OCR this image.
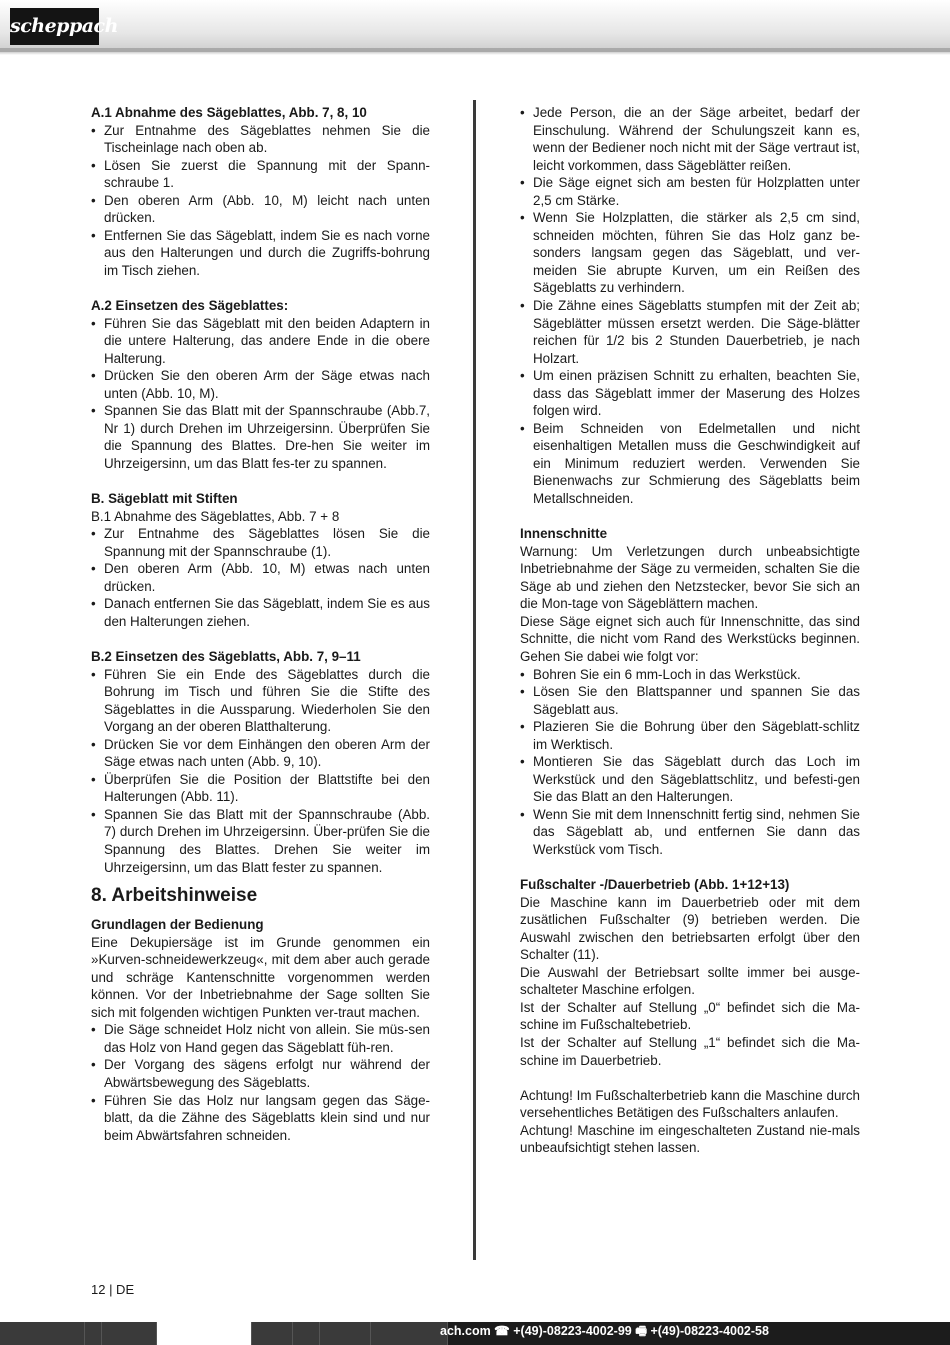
scheppach
A.1 Abnahme des Sägeblattes, Abb. 7, 8, 10
• Zur Entnahme des Sägeblattes nehmen Sie die Tischeinlage nach oben ab.
• Lösen Sie zuerst die Spannung mit der Spann-schraube 1.
• Den oberen Arm (Abb. 10, M) leicht nach unten drücken.
• Entfernen Sie das Sägeblatt, indem Sie es nach vorne aus den Halterungen und durch die Zugriffs-bohrung im Tisch ziehen.
A.2 Einsetzen des Sägeblattes:
• Führen Sie das Sägeblatt mit den beiden Adaptern in die untere Halterung, das andere Ende in die obere Halterung.
• Drücken Sie den oberen Arm der Säge etwas nach unten (Abb. 10, M).
• Spannen Sie das Blatt mit der Spannschraube (Abb.7, Nr 1) durch Drehen im Uhrzeigersinn. Überprüfen Sie die Spannung des Blattes. Dre-hen Sie weiter im Uhrzeigersinn, um das Blatt fes-ter zu spannen.
B. Sägeblatt mit Stiften
B.1 Abnahme des Sägeblattes, Abb. 7 + 8
• Zur Entnahme des Sägeblattes lösen Sie die Spannung mit der Spannschraube (1).
• Den oberen Arm (Abb. 10, M) etwas nach unten drücken.
• Danach entfernen Sie das Sägeblatt, indem Sie es aus den Halterungen ziehen.
B.2 Einsetzen des Sägeblatts, Abb. 7, 9–11
• Führen Sie ein Ende des Sägeblattes durch die Bohrung im Tisch und führen Sie die Stifte des Sägeblattes in die Aussparung. Wiederholen Sie den Vorgang an der oberen Blatthalterung.
• Drücken Sie vor dem Einhängen den oberen Arm der Säge etwas nach unten (Abb. 9, 10).
• Überprüfen Sie die Position der Blattstifte bei den Halterungen (Abb. 11).
• Spannen Sie das Blatt mit der Spannschraube (Abb. 7) durch Drehen im Uhrzeigersinn. Über-prüfen Sie die Spannung des Blattes. Drehen Sie weiter im Uhrzeigersinn, um das Blatt fester zu spannen.
8. Arbeitshinweise
Grundlagen der Bedienung
Eine Dekupiersäge ist im Grunde genommen ein »Kurven-schneidewerkzeug«, mit dem aber auch gerade und schräge Kantenschnitte vorgenommen werden können. Vor der Inbetriebnahme der Sage sollten Sie sich mit folgenden wichtigen Punkten ver-traut machen.
• Die Säge schneidet Holz nicht von allein. Sie müs-sen das Holz von Hand gegen das Sägeblatt füh-ren.
• Der Vorgang des sägens erfolgt nur während der Abwärtsbewegung des Sägeblatts.
• Führen Sie das Holz nur langsam gegen das Säge-blatt, da die Zähne des Sägeblatts klein sind und nur beim Abwärtsfahren schneiden.
• Jede Person, die an der Säge arbeitet, bedarf der Einschulung. Während der Schulungszeit kann es, wenn der Bediener noch nicht mit der Säge vertraut ist, leicht vorkommen, dass Sägeblätter reißen.
• Die Säge eignet sich am besten für Holzplatten unter 2,5 cm Stärke.
• Wenn Sie Holzplatten, die stärker als 2,5 cm sind, schneiden möchten, führen Sie das Holz ganz be-sonders langsam gegen das Sägeblatt, und ver-meiden Sie abrupte Kurven, um ein Reißen des Sägeblatts zu verhindern.
• Die Zähne eines Sägeblatts stumpfen mit der Zeit ab; Sägeblätter müssen ersetzt werden. Die Säge-blätter reichen für 1/2 bis 2 Stunden Dauerbetrieb, je nach Holzart.
• Um einen präzisen Schnitt zu erhalten, beachten Sie, dass das Sägeblatt immer der Maserung des Holzes folgen wird.
• Beim Schneiden von Edelmetallen und nicht eisenhaltigen Metallen muss die Geschwindigkeit auf ein Minimum reduziert werden. Verwenden Sie Bienenwachs zur Schmierung des Sägeblatts beim Metallschneiden.
Innenschnitte
Warnung: Um Verletzungen durch unbeabsichtigte Inbetriebnahme der Säge zu vermeiden, schalten Sie die Säge ab und ziehen den Netzstecker, bevor Sie sich an die Mon-tage von Sägeblättern machen.
Diese Säge eignet sich auch für Innenschnitte, das sind Schnitte, die nicht vom Rand des Werkstücks beginnen. Gehen Sie dabei wie folgt vor:
• Bohren Sie ein 6 mm-Loch in das Werkstück.
• Lösen Sie den Blattspanner und spannen Sie das Sägeblatt aus.
• Plazieren Sie die Bohrung über den Sägeblatt-schlitz im Werktisch.
• Montieren Sie das Sägeblatt durch das Loch im Werkstück und den Sägeblattschlitz, und befesti-gen Sie das Blatt an den Halterungen.
• Wenn Sie mit dem Innenschnitt fertig sind, nehmen Sie das Sägeblatt ab, und entfernen Sie dann das Werkstück vom Tisch.
Fußschalter -/Dauerbetrieb (Abb. 1+12+13)
Die Maschine kann im Dauerbetrieb oder mit dem zusätlichen Fußschalter (9) betrieben werden. Die Auswahl zwischen den betriebsarten erfolgt über den Schalter (11).
Die Auswahl der Betriebsart sollte immer bei ausge-schalteter Maschine erfolgen.
Ist der Schalter auf Stellung „0“ befindet sich die Ma-schine im Fußschaltebetrieb.
Ist der Schalter auf Stellung „1“ befindet sich die Ma-schine im Dauerbetrieb.
Achtung! Im Fußschalterbetrieb kann die Maschine durch versehentliches Betätigen des Fußschalters anlaufen.
Achtung! Maschine im eingeschalteten Zustand nie-mals unbeaufsichtigt stehen lassen.
12 | DE
ach.com ☎ +(49)-08223-4002-99 🖷 +(49)-08223-4002-58
